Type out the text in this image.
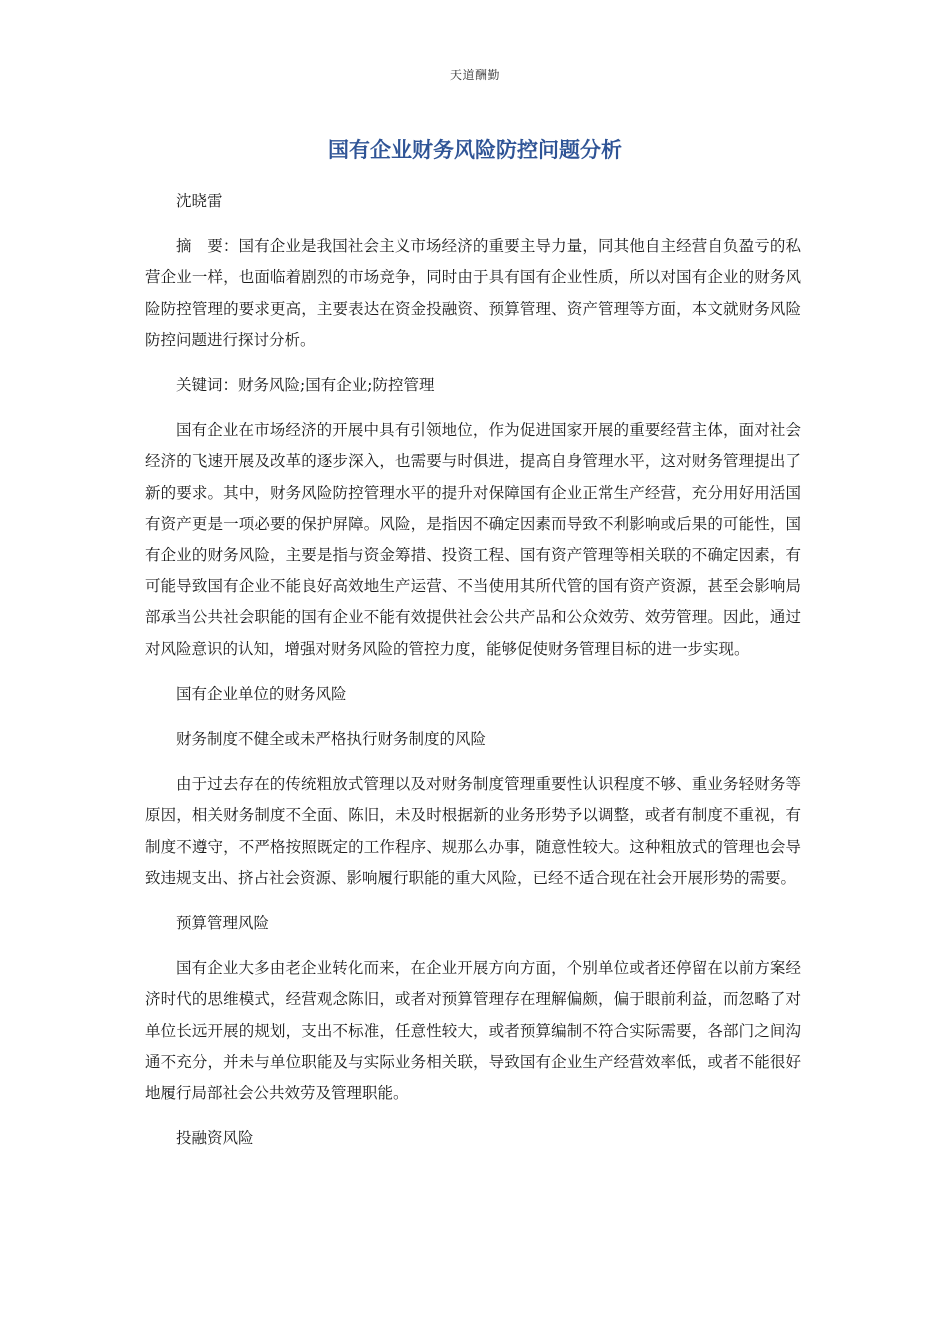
天道酬勤
国有企业财务风险防控问题分析

沈晓雷

摘　要：国有企业是我国社会主义市场经济的重要主导力量，同其他自主经营自负盈亏的私营企业一样，也面临着剧烈的市场竞争，同时由于具有国有企业性质，所以对国有企业的财务风险防控管理的要求更高，主要表达在资金投融资、预算管理、资产管理等方面，本文就财务风险防控问题进行探讨分析。

关键词：财务风险;国有企业;防控管理

国有企业在市场经济的开展中具有引领地位，作为促进国家开展的重要经营主体，面对社会经济的飞速开展及改革的逐步深入，也需要与时俱进，提高自身管理水平，这对财务管理提出了新的要求。其中，财务风险防控管理水平的提升对保障国有企业正常生产经营，充分用好用活国有资产更是一项必要的保护屏障。风险，是指因不确定因素而导致不利影响或后果的可能性，国有企业的财务风险，主要是指与资金筹措、投资工程、国有资产管理等相关联的不确定因素，有可能导致国有企业不能良好高效地生产运营、不当使用其所代管的国有资产资源，甚至会影响局部承当公共社会职能的国有企业不能有效提供社会公共产品和公众效劳、效劳管理。因此，通过对风险意识的认知，增强对财务风险的管控力度，能够促使财务管理目标的进一步实现。

国有企业单位的财务风险

财务制度不健全或未严格执行财务制度的风险

由于过去存在的传统粗放式管理以及对财务制度管理重要性认识程度不够、重业务轻财务等原因，相关财务制度不全面、陈旧，未及时根据新的业务形势予以调整，或者有制度不重视，有制度不遵守，不严格按照既定的工作程序、规那么办事，随意性较大。这种粗放式的管理也会导致违规支出、挤占社会资源、影响履行职能的重大风险，已经不适合现在社会开展形势的需要。

预算管理风险

国有企业大多由老企业转化而来，在企业开展方向方面，个别单位或者还停留在以前方案经济时代的思维模式，经营观念陈旧，或者对预算管理存在理解偏颇，偏于眼前利益，而忽略了对单位长远开展的规划，支出不标准，任意性较大，或者预算编制不符合实际需要，各部门之间沟通不充分，并未与单位职能及与实际业务相关联，导致国有企业生产经营效率低，或者不能很好地履行局部社会公共效劳及管理职能。

投融资风险
